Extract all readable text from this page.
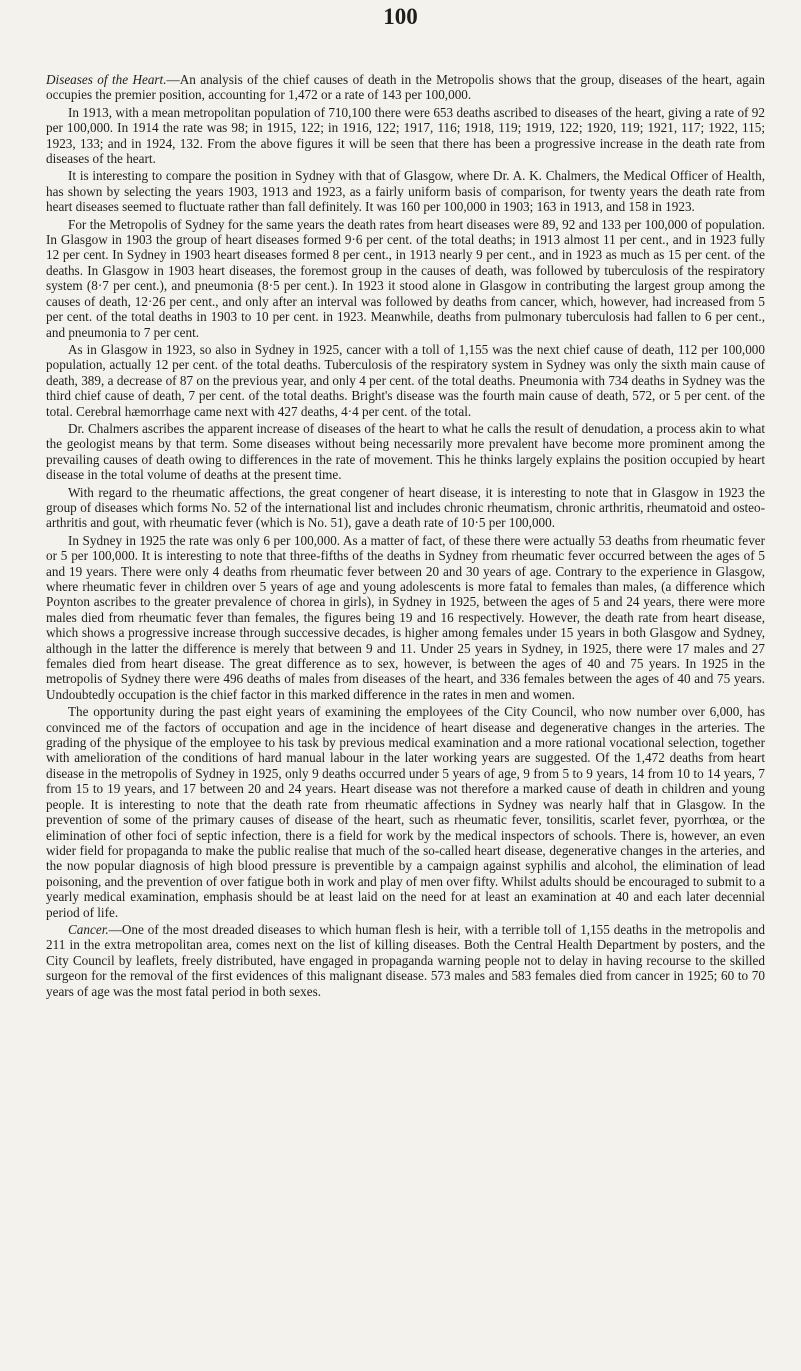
100

Diseases of the Heart.—An analysis of the chief causes of death in the Metropolis shows that the group, diseases of the heart, again occupies the premier position, accounting for 1,472 or a rate of 143 per 100,000.

In 1913, with a mean metropolitan population of 710,100 there were 653 deaths ascribed to diseases of the heart, giving a rate of 92 per 100,000. In 1914 the rate was 98; in 1915, 122; in 1916, 122; 1917, 116; 1918, 119; 1919, 122; 1920, 119; 1921, 117; 1922, 115; 1923, 133; and in 1924, 132. From the above figures it will be seen that there has been a progressive increase in the death rate from diseases of the heart.

It is interesting to compare the position in Sydney with that of Glasgow, where Dr. A. K. Chalmers, the Medical Officer of Health, has shown by selecting the years 1903, 1913 and 1923, as a fairly uniform basis of comparison, for twenty years the death rate from heart diseases seemed to fluctuate rather than fall definitely. It was 160 per 100,000 in 1903; 163 in 1913, and 158 in 1923.

For the Metropolis of Sydney for the same years the death rates from heart diseases were 89, 92 and 133 per 100,000 of population. In Glasgow in 1903 the group of heart diseases formed 9·6 per cent. of the total deaths; in 1913 almost 11 per cent., and in 1923 fully 12 per cent. In Sydney in 1903 heart diseases formed 8 per cent., in 1913 nearly 9 per cent., and in 1923 as much as 15 per cent. of the deaths. In Glasgow in 1903 heart diseases, the foremost group in the causes of death, was followed by tuberculosis of the respiratory system (8·7 per cent.), and pneumonia (8·5 per cent.). In 1923 it stood alone in Glasgow in contributing the largest group among the causes of death, 12·26 per cent., and only after an interval was followed by deaths from cancer, which, however, had increased from 5 per cent. of the total deaths in 1903 to 10 per cent. in 1923. Meanwhile, deaths from pulmonary tuberculosis had fallen to 6 per cent., and pneumonia to 7 per cent.

As in Glasgow in 1923, so also in Sydney in 1925, cancer with a toll of 1,155 was the next chief cause of death, 112 per 100,000 population, actually 12 per cent. of the total deaths. Tuberculosis of the respiratory system in Sydney was only the sixth main cause of death, 389, a decrease of 87 on the previous year, and only 4 per cent. of the total deaths. Pneumonia with 734 deaths in Sydney was the third chief cause of death, 7 per cent. of the total deaths. Bright's disease was the fourth main cause of death, 572, or 5 per cent. of the total. Cerebral hæmorrhage came next with 427 deaths, 4·4 per cent. of the total.

Dr. Chalmers ascribes the apparent increase of diseases of the heart to what he calls the result of denudation, a process akin to what the geologist means by that term. Some diseases without being necessarily more prevalent have become more prominent among the prevailing causes of death owing to differences in the rate of movement. This he thinks largely explains the position occupied by heart disease in the total volume of deaths at the present time.

With regard to the rheumatic affections, the great congener of heart disease, it is interesting to note that in Glasgow in 1923 the group of diseases which forms No. 52 of the international list and includes chronic rheumatism, chronic arthritis, rheumatoid and osteo-arthritis and gout, with rheumatic fever (which is No. 51), gave a death rate of 10·5 per 100,000.

In Sydney in 1925 the rate was only 6 per 100,000. As a matter of fact, of these there were actually 53 deaths from rheumatic fever or 5 per 100,000. It is interesting to note that three-fifths of the deaths in Sydney from rheumatic fever occurred between the ages of 5 and 19 years. There were only 4 deaths from rheumatic fever between 20 and 30 years of age. Contrary to the experience in Glasgow, where rheumatic fever in children over 5 years of age and young adolescents is more fatal to females than males, (a difference which Poynton ascribes to the greater prevalence of chorea in girls), in Sydney in 1925, between the ages of 5 and 24 years, there were more males died from rheumatic fever than females, the figures being 19 and 16 respectively. However, the death rate from heart disease, which shows a progressive increase through successive decades, is higher among females under 15 years in both Glasgow and Sydney, although in the latter the difference is merely that between 9 and 11. Under 25 years in Sydney, in 1925, there were 17 males and 27 females died from heart disease. The great difference as to sex, however, is between the ages of 40 and 75 years. In 1925 in the metropolis of Sydney there were 496 deaths of males from diseases of the heart, and 336 females between the ages of 40 and 75 years. Undoubtedly occupation is the chief factor in this marked difference in the rates in men and women.

The opportunity during the past eight years of examining the employees of the City Council, who now number over 6,000, has convinced me of the factors of occupation and age in the incidence of heart disease and degenerative changes in the arteries. The grading of the physique of the employee to his task by previous medical examination and a more rational vocational selection, together with amelioration of the conditions of hard manual labour in the later working years are suggested. Of the 1,472 deaths from heart disease in the metropolis of Sydney in 1925, only 9 deaths occurred under 5 years of age, 9 from 5 to 9 years, 14 from 10 to 14 years, 7 from 15 to 19 years, and 17 between 20 and 24 years. Heart disease was not therefore a marked cause of death in children and young people. It is interesting to note that the death rate from rheumatic affections in Sydney was nearly half that in Glasgow. In the prevention of some of the primary causes of disease of the heart, such as rheumatic fever, tonsilitis, scarlet fever, pyorrhœa, or the elimination of other foci of septic infection, there is a field for work by the medical inspectors of schools. There is, however, an even wider field for propaganda to make the public realise that much of the so-called heart disease, degenerative changes in the arteries, and the now popular diagnosis of high blood pressure is preventible by a campaign against syphilis and alcohol, the elimination of lead poisoning, and the prevention of over fatigue both in work and play of men over fifty. Whilst adults should be encouraged to submit to a yearly medical examination, emphasis should be at least laid on the need for at least an examination at 40 and each later decennial period of life.

Cancer.—One of the most dreaded diseases to which human flesh is heir, with a terrible toll of 1,155 deaths in the metropolis and 211 in the extra metropolitan area, comes next on the list of killing diseases. Both the Central Health Department by posters, and the City Council by leaflets, freely distributed, have engaged in propaganda warning people not to delay in having recourse to the skilled surgeon for the removal of the first evidences of this malignant disease. 573 males and 583 females died from cancer in 1925; 60 to 70 years of age was the most fatal period in both sexes.
